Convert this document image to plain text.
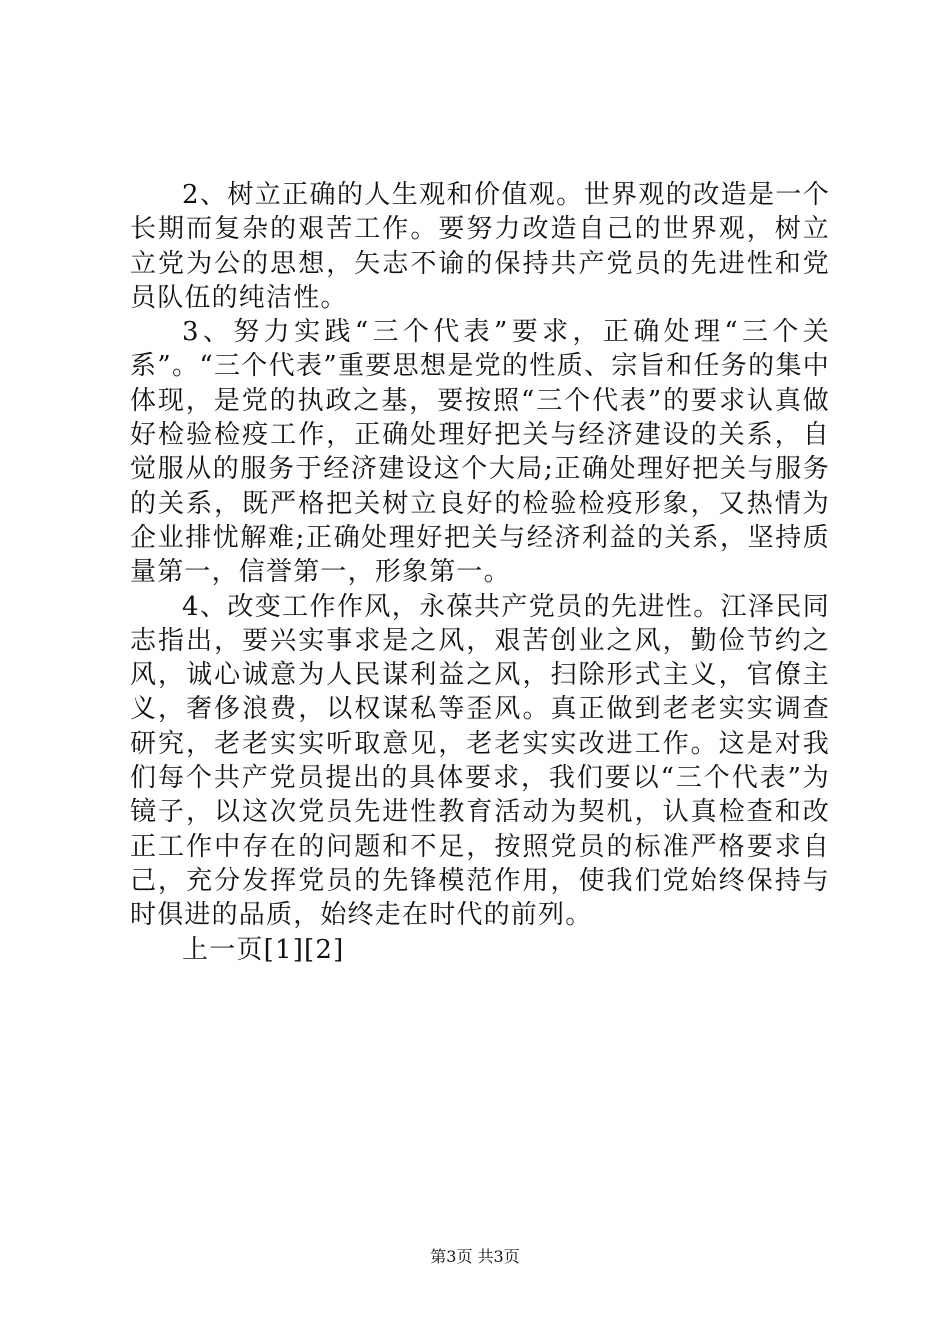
2、树立正确的人生观和价值观。世界观的改造是一个长期而复杂的艰苦工作。要努力改造自己的世界观，树立立党为公的思想，矢志不谕的保持共产党员的先进性和党员队伍的纯洁性。

3、努力实践“三个代表”要求，正确处理“三个关系”。“三个代表”重要思想是党的性质、宗旨和任务的集中体现，是党的执政之基，要按照“三个代表”的要求认真做好检验检疫工作，正确处理好把关与经济建设的关系，自觉服从的服务于经济建设这个大局;正确处理好把关与服务的关系，既严格把关树立良好的检验检疫形象，又热情为企业排忧解难;正确处理好把关与经济利益的关系，坚持质量第一，信誉第一，形象第一。

4、改变工作作风，永葆共产党员的先进性。江泽民同志指出，要兴实事求是之风，艰苦创业之风，勤俭节约之风，诚心诚意为人民谋利益之风，扫除形式主义，官僚主义，奢侈浪费，以权谋私等歪风。真正做到老老实实调查研究，老老实实听取意见，老老实实改进工作。这是对我们每个共产党员提出的具体要求，我们要以“三个代表”为镜子，以这次党员先进性教育活动为契机，认真检查和改正工作中存在的问题和不足，按照党员的标准严格要求自己，充分发挥党员的先锋模范作用，使我们党始终保持与时俱进的品质，始终走在时代的前列。

上一页[1][2]

第3页 共3页
